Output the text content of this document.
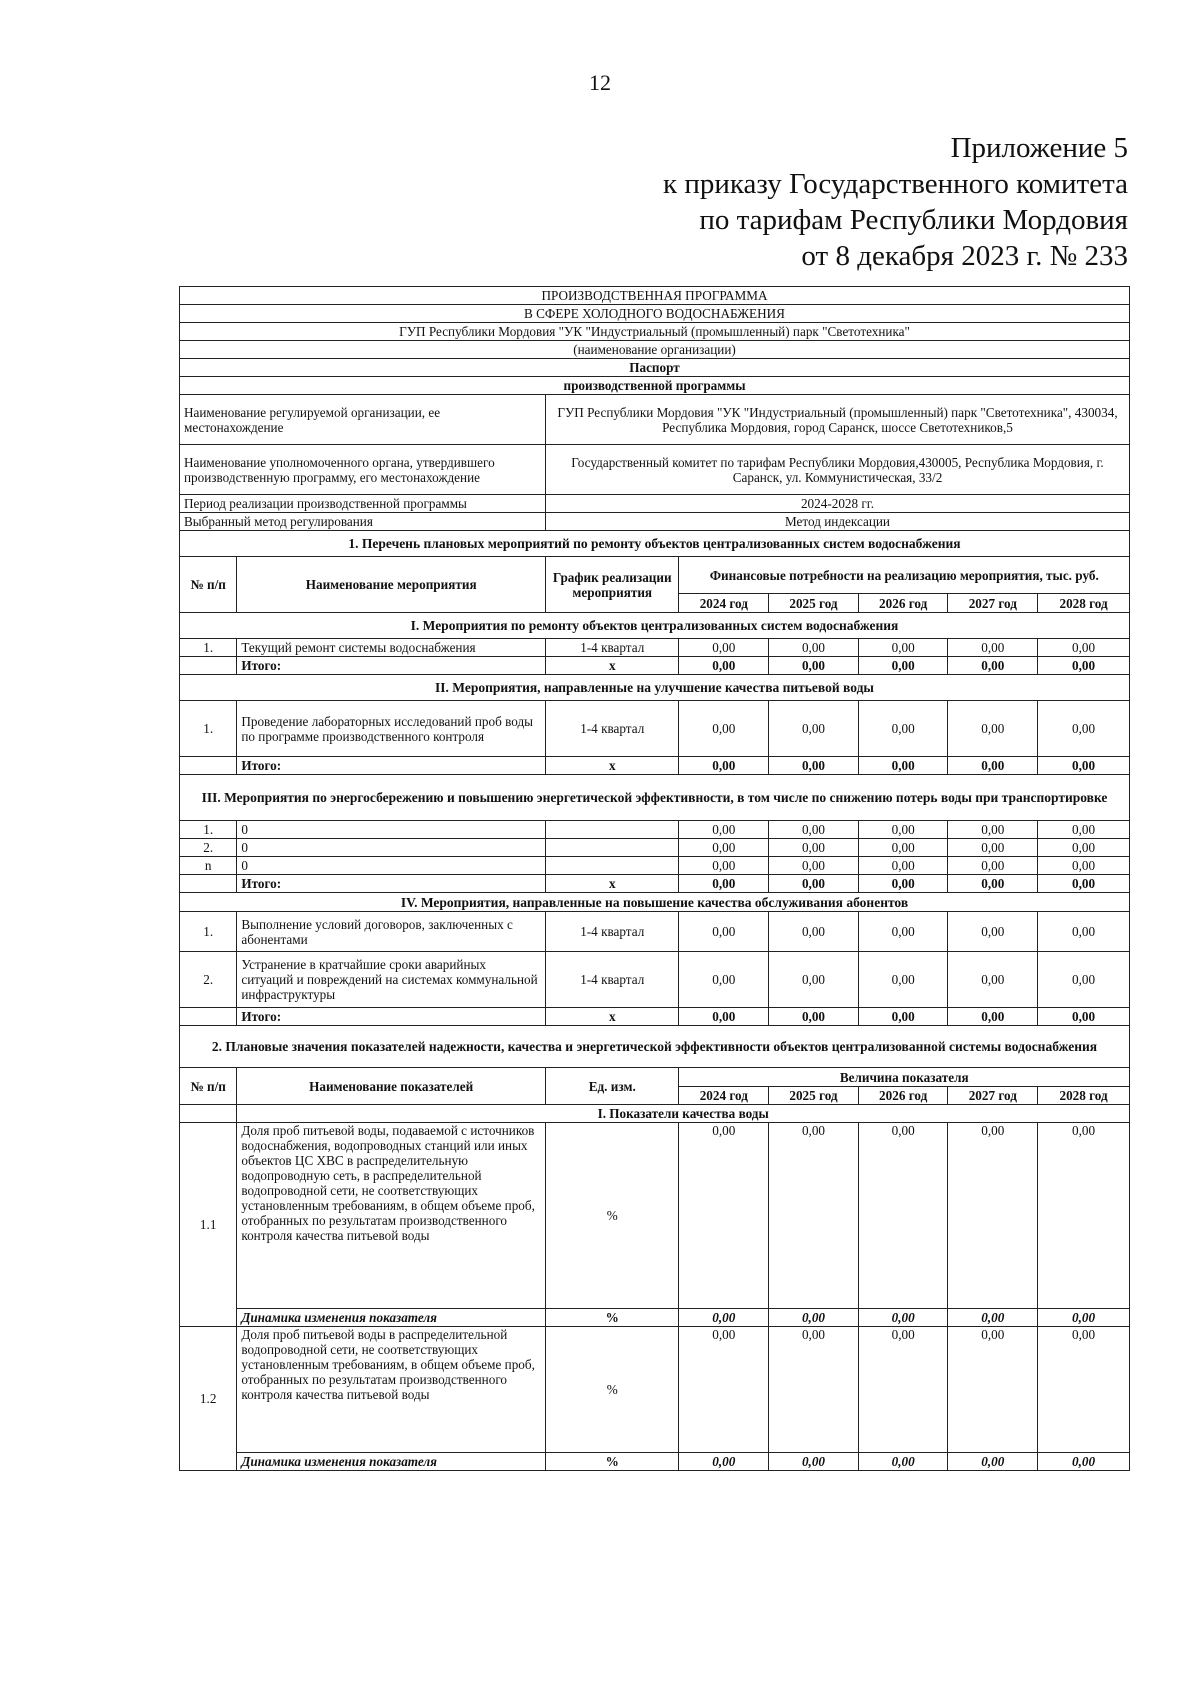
12
Приложение 5
к приказу Государственного комитета
по тарифам Республики Мордовия
от 8 декабря 2023 г. № 233
ПРОИЗВОДСТВЕННАЯ ПРОГРАММА							
В СФЕРЕ ХОЛОДНОГО ВОДОСНАБЖЕНИЯ							
ГУП Республики Мордовия "УК "Индустриальный (промышленный) парк "Светотехника"							
(наименование организации)							
Паспорт							
производственной программы							
Наименование регулируемой организации, ее местонахождение		ГУП Республики Мордовия "УК "Индустриальный (промышленный) парк "Светотехника", 430034, Республика Мордовия, город Саранск, шоссе Светотехников,5					
Наименование уполномоченного органа, утвердившего производственную программу, его местонахождение		Государственный комитет по тарифам Республики Мордовия,430005, Республика Мордовия, г. Саранск, ул. Коммунистическая, 33/2					
Период реализации производственной программы		2024-2028 гг.					
Выбранный метод регулирования		Метод индексации					
1. Перечень плановых мероприятий по ремонту объектов централизованных систем водоснабжения							
№ п/п	Наименование мероприятия	График реализации мероприятия	Финансовые потребности на реализацию мероприятия, тыс. руб.				
			2024 год	2025 год	2026 год	2027 год	2028 год
I. Мероприятия по ремонту объектов централизованных систем водоснабжения							
1.	Текущий ремонт системы водоснабжения	1-4 квартал	0,00	0,00	0,00	0,00	0,00
	Итого:	x	0,00	0,00	0,00	0,00	0,00
II. Мероприятия, направленные на улучшение качества питьевой воды							
1.	Проведение лабораторных исследований проб воды по программе производственного контроля	1-4 квартал	0,00	0,00	0,00	0,00	0,00
	Итого:	x	0,00	0,00	0,00	0,00	0,00
III. Мероприятия по энергосбережению и повышению энергетической эффективности, в том числе по снижению потерь воды при транспортировке							
1.	0		0,00	0,00	0,00	0,00	0,00
2.	0		0,00	0,00	0,00	0,00	0,00
n	0		0,00	0,00	0,00	0,00	0,00
	Итого:	x	0,00	0,00	0,00	0,00	0,00
IV. Мероприятия, направленные на повышение качества обслуживания абонентов							
1.	Выполнение условий договоров, заключенных с абонентами	1-4 квартал	0,00	0,00	0,00	0,00	0,00
2.	Устранение в кратчайшие сроки аварийных ситуаций и повреждений на системах коммунальной инфраструктуры	1-4 квартал	0,00	0,00	0,00	0,00	0,00
	Итого:	x	0,00	0,00	0,00	0,00	0,00
2. Плановые значения показателей надежности, качества и энергетической эффективности объектов централизованной системы водоснабжения							
№ п/п	Наименование показателей	Ед. изм.	Величина показателя				
			2024 год	2025 год	2026 год	2027 год	2028 год
	I. Показатели качества воды						
1.1	Доля проб питьевой воды, подаваемой с источников водоснабжения, водопроводных станций или иных объектов ЦС ХВС в распределительную водопроводную сеть, в распределительной водопроводной сети, не соответствующих установленным требованиям, в общем объеме проб, отобранных по результатам производственного контроля качества питьевой воды	%	0,00	0,00	0,00	0,00	0,00
	Динамика изменения показателя	%	0,00	0,00	0,00	0,00	0,00
1.2	Доля проб питьевой воды в распределительной водопроводной сети, не соответствующих установленным требованиям, в общем объеме проб, отобранных по результатам производственного контроля качества питьевой воды	%	0,00	0,00	0,00	0,00	0,00
	Динамика изменения показателя	%	0,00	0,00	0,00	0,00	0,00
